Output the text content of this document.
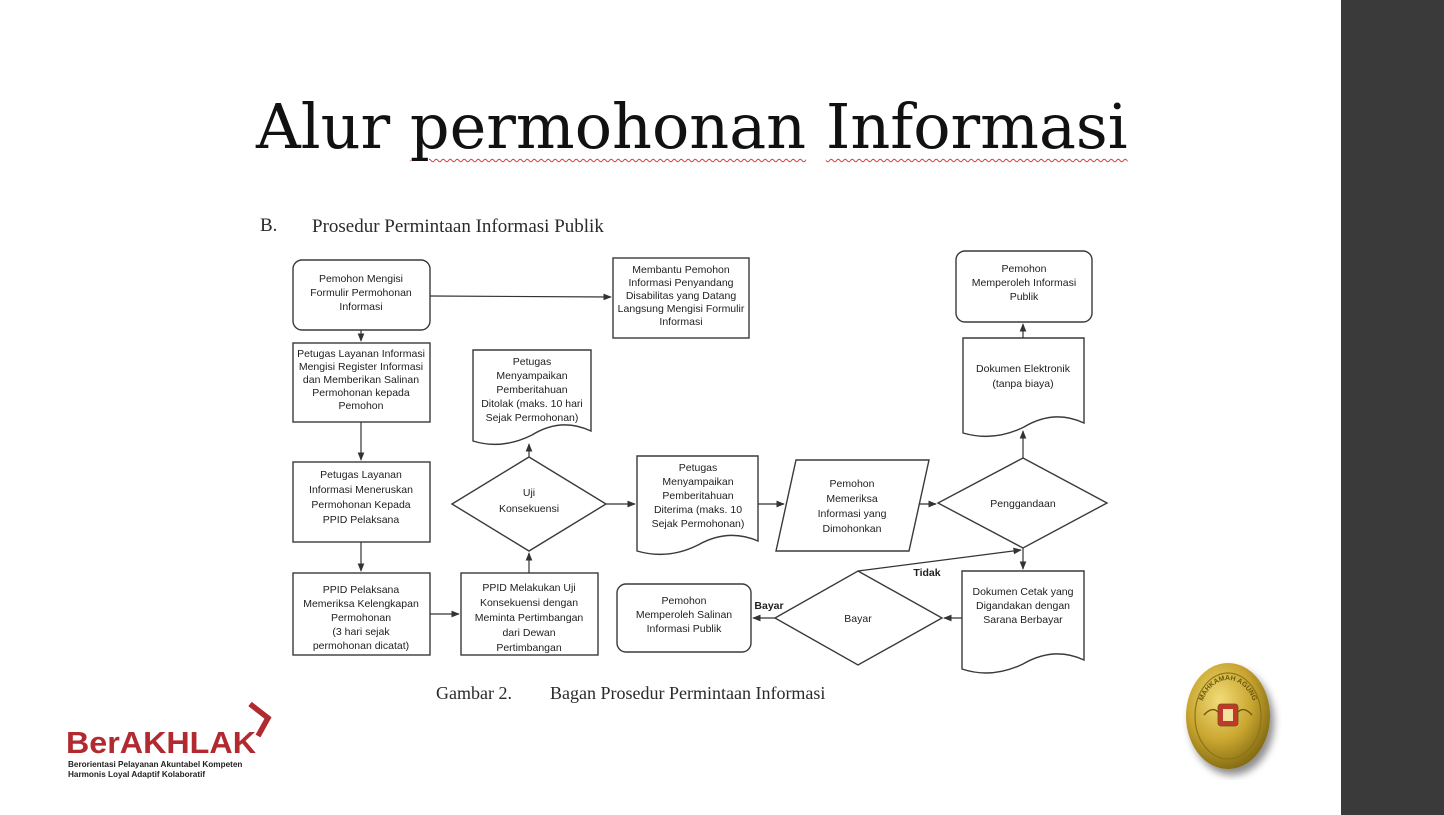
Alur permohonan Informasi
B. Prosedur Permintaan Informasi Publik
Pemohon Mengisi
Formulir Permohonan
Informasi
Petugas Layanan Informasi
Mengisi Register Informasi
dan Memberikan Salinan
Permohonan kepada
Pemohon
Petugas Layanan
Informasi Meneruskan
Permohonan Kepada
PPID Pelaksana
PPID Pelaksana
Memeriksa Kelengkapan
Permohonan
(3 hari sejak
permohonan dicatat)
PPID Melakukan Uji
Konsekuensi dengan
Meminta Pertimbangan
dari Dewan
Pertimbangan
Uji
Konsekuensi
Petugas
Menyampaikan
Pemberitahuan
Ditolak (maks. 10 hari
Sejak Permohonan)
Membantu Pemohon
Informasi Penyandang
Disabilitas yang Datang
Langsung Mengisi Formulir
Informasi
Petugas
Menyampaikan
Pemberitahuan
Diterima (maks. 10
Sejak Permohonan)
Pemohon
Memeriksa
Informasi yang
Dimohonkan
Penggandaan
Dokumen Elektronik
(tanpa biaya)
Pemohon
Memperoleh Informasi
Publik
Dokumen Cetak yang
Digandakan dengan
Sarana Berbayar
Bayar
Pemohon
Memperoleh Salinan
Informasi Publik
Tidak
Bayar
Gambar 2. Bagan Prosedur Permintaan Informasi
BerAKHLAK
Berorientasi Pelayanan Akuntabel Kompeten
Harmonis Loyal Adaptif Kolaboratif
MAHKAMAH AGUNG
